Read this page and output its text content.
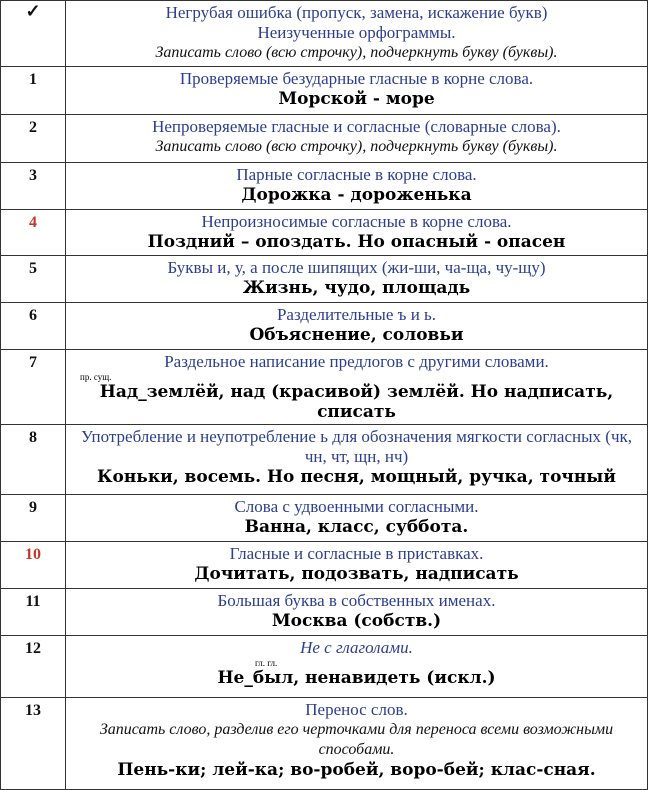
✓	Негрубая ошибка (пропуск, замена, искажение букв)
Неизученные орфограммы.
Записать слово (всю строчку), подчеркнуть букву (буквы).

1	Проверяемые безударные гласные в корне слова.
Морской - море

2	Непроверяемые гласные и согласные (словарные слова).
Записать слово (всю строчку), подчеркнуть букву (буквы).

3	Парные согласные в корне слова.
Дорожка - дороженька

4	Непроизносимые согласные в корне слова.
Поздний – опоздать. Но опасный - опасен

5	Буквы и, у, а после шипящих (жи-ши, ча-ща, чу-щу)
Жизнь, чудо, площадь

6	Разделительные ъ и ь.
Объяснение, соловьи

7	Раздельное написание предлогов с другими словами.
пр. сущ.
Над_землёй, над (красивой) землёй. Но надписать, списать

8	Употребление и неупотребление ь для обозначения мягкости согласных (чк, чн, чт, щн, нч)
Коньки, восемь. Но песня, мощный, ручка, точный

9	Слова с удвоенными согласными.
Ванна, класс, суббота.

10	Гласные и согласные в приставках.
Дочитать, подозвать, надписать

11	Большая буква в собственных именах.
Москва (собств.)

12	Не с глаголами.
гл. гл.
Не_был, ненавидеть (искл.)

13	Перенос слов.
Записать слово, разделив его черточками для переноса всеми возможными способами.
Пень-ки; лей-ка; во-робей, воро-бей; клас-сная.
